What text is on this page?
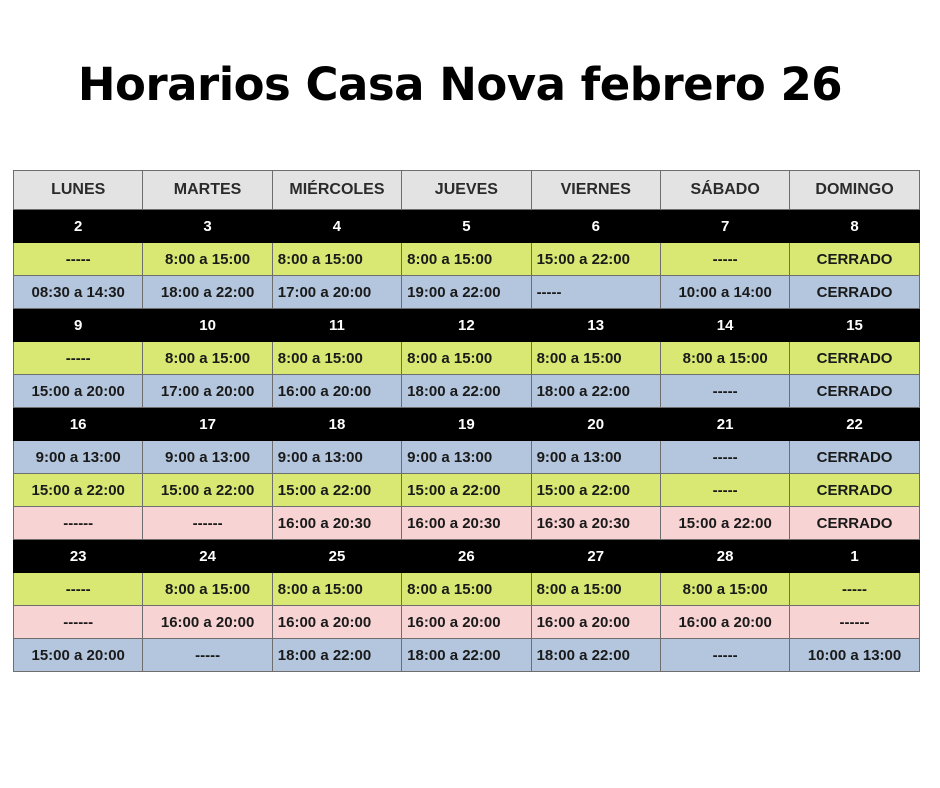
Horarios Casa Nova febrero 26
LUNES	MARTES	MIÉRCOLES	JUEVES	VIERNES	SÁBADO	DOMINGO
2	3	4	5	6	7	8
-----	8:00 a 15:00	8:00 a 15:00	8:00 a 15:00	15:00 a 22:00	-----	CERRADO
08:30 a 14:30	18:00 a 22:00	17:00 a 20:00	19:00 a 22:00	-----	10:00 a 14:00	CERRADO
9	10	11	12	13	14	15
-----	8:00 a 15:00	8:00 a 15:00	8:00 a 15:00	8:00 a 15:00	8:00 a 15:00	CERRADO
15:00 a 20:00	17:00 a 20:00	16:00 a 20:00	18:00 a 22:00	18:00 a 22:00	-----	CERRADO
16	17	18	19	20	21	22
9:00 a 13:00	9:00 a 13:00	9:00 a 13:00	9:00 a 13:00	9:00 a 13:00	-----	CERRADO
15:00 a 22:00	15:00 a 22:00	15:00 a 22:00	15:00 a 22:00	15:00 a 22:00	-----	CERRADO
------	------	16:00 a 20:30	16:00 a 20:30	16:30 a 20:30	15:00 a 22:00	CERRADO
23	24	25	26	27	28	1
-----	8:00 a 15:00	8:00 a 15:00	8:00 a 15:00	8:00 a 15:00	8:00 a 15:00	-----
------	16:00 a 20:00	16:00 a 20:00	16:00 a 20:00	16:00 a 20:00	16:00 a 20:00	------
15:00 a 20:00	-----	18:00 a 22:00	18:00 a 22:00	18:00 a 22:00	-----	10:00 a 13:00
